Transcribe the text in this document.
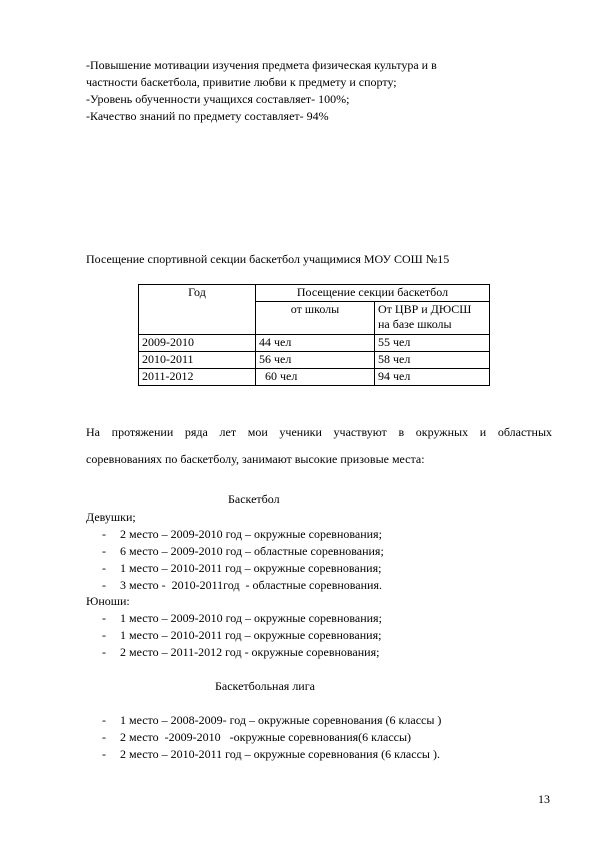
-Повышение мотивации изучения предмета физическая культура и в
частности баскетбола, привитие любви к предмету и спорту;
-Уровень обученности учащихся составляет- 100%;
-Качество знаний по предмету составляет- 94%
Посещение спортивной секции баскетбол учащимися МОУ СОШ №15
Год	Посещение секции баскетбол	
	от школы	От ЦВР и ДЮСШ
на базе школы

2009-2010	44 чел	55 чел
2010-2011	56 чел	58 чел
2011-2012	60 чел	94 чел
На протяжении ряда лет мои ученики участвуют в окружных и областных
соревнованиях по баскетболу, занимают высокие призовые места:
Баскетбол
Девушки;
- 2 место – 2009-2010 год – окружные соревнования;
- 6 место – 2009-2010 год – областные соревнования;
- 1 место – 2010-2011 год – окружные соревнования;
- 3 место -  2010-2011год  - областные соревнования.
Юноши:
- 1 место – 2009-2010 год – окружные соревнования;
- 1 место – 2010-2011 год – окружные соревнования;
- 2 место – 2011-2012 год - окружные соревнования;
Баскетбольная лига
- 1 место – 2008-2009- год – окружные соревнования (6 классы )
- 2 место  -2009-2010   -окружные соревнования(6 классы)
- 2 место – 2010-2011 год – окружные соревнования (6 классы ).
13
